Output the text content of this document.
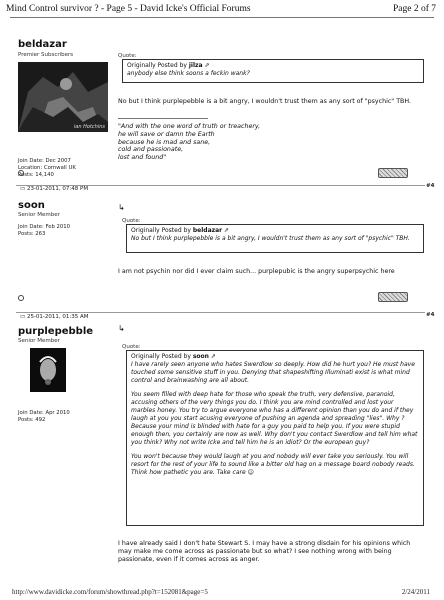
Mind Control survivor ? - Page 5 - David Icke's Official Forums	Page 2 of 7
beldazar
Premier Subscribers
ian Hotchins
Join Date: Dec 2007
Location: Cornwall UK
Posts: 14,140
Quote:
Originally Posted by jilza ⇗
anybody else think soons a feckin wank?
No but I think purplepebble is a bit angry, I wouldn't trust them as any sort of "psychic" TBH.
"And with the one word of truth or treachery,
he will save or damn the Earth
because he is mad and sane,
cold and passionate,
lost and found"
#4
▭ 23-01-2011, 07:48 PM
soon
Senior Member
Join Date: Feb 2010
Posts: 263
↳
Quote:
Originally Posted by beldazar ⇗
No but I think purplepebble is a bit angry, I wouldn't trust them as any sort of "psychic" TBH.
I am not psychin nor did I ever claim such... purplepubic is the angry superpsychic here
#4
▭ 25-01-2011, 01:35 AM
purplepebble
Senior Member
Join Date: Apr 2010
Posts: 492
↳
Quote:
Originally Posted by soon ⇗
I have rarely seen anyone who hates Swerdlow so deeply. How did he hurt you? He must have touched some sensitive stuff in you. Denying that shapeshifting Illuminati exist is what mind control and brainwashing are all about.
You seem filled with deep hate for those who speak the truth, very defensive, paranoid, accusing others of the very things you do. I think you are mind controlled and lost your marbles honey. You try to argue everyone who has a different opinion than you do and if they laugh at you you start acusing everyone of pushing an agenda and spreading "lies". Why ? Because your mind is blinded with hate for a guy you paid to help you. If you were stupid enough then, you certainly are now as well. Why don't you contact Swerdlow and tell him what you think? Why not write Icke and tell him he is an idiot? Or the european guy?
You won't because they would laugh at you and nobody will ever take you seriously. You will resort for the rest of your life to sound like a bitter old hag on a message board nobody reads. Think how pathetic you are. Take care ☺
I have already said I don't hate Stewart S. I may have a strong disdain for his opinions which may make me come across as passionate but so what? I see nothing wrong with being passionate, even if it comes across as anger.
http://www.davidicke.com/forum/showthread.php?t=152081&page=5	2/24/2011
